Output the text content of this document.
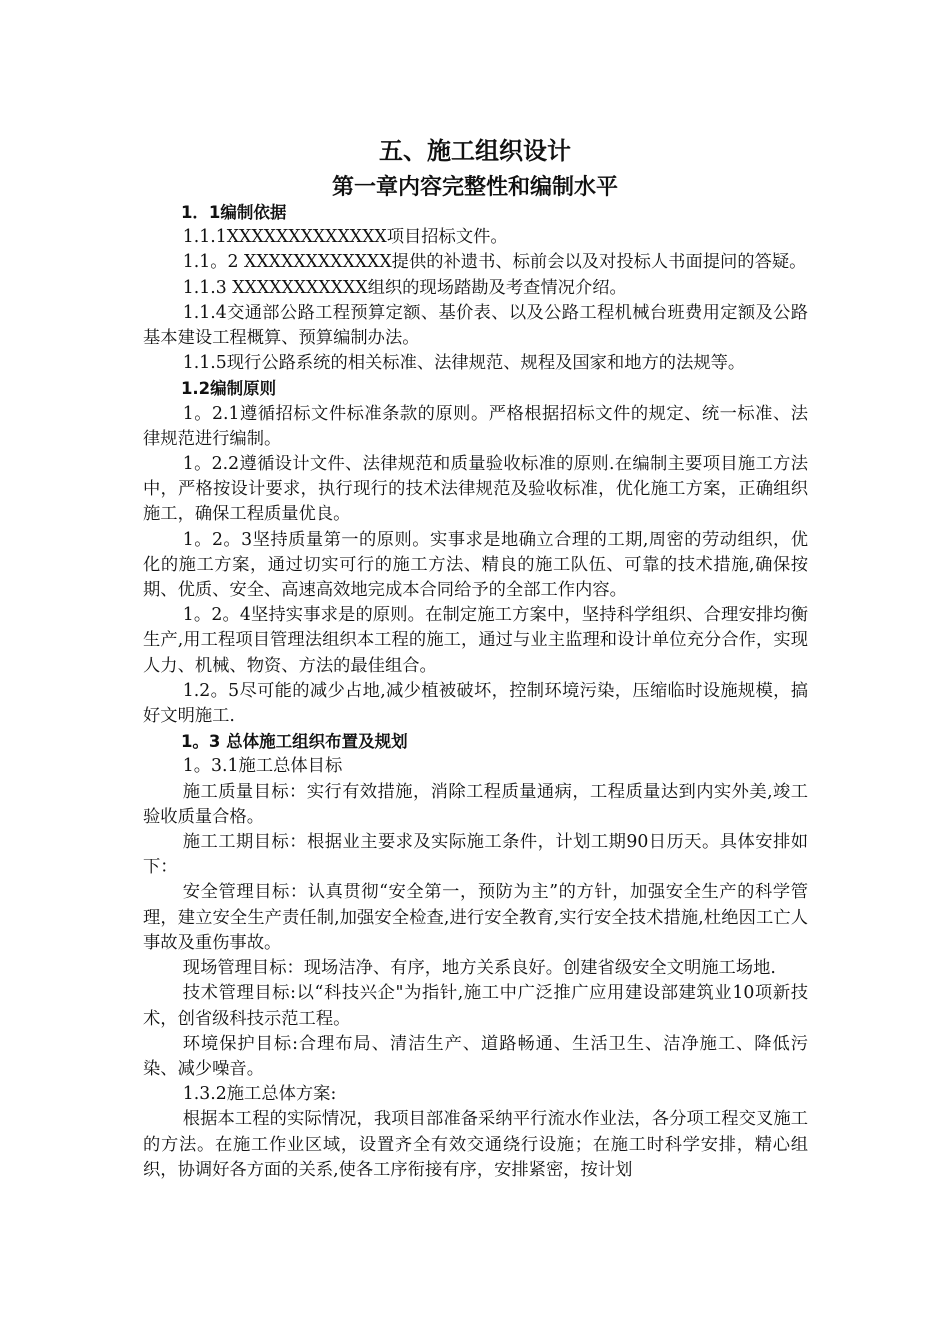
五、施工组织设计
第一章内容完整性和编制水平

1．1编制依据

1.1.1XXXXXXXXXXXXX项目招标文件。

1.1。2 XXXXXXXXXXXX提供的补遗书、标前会以及对投标人书面提问的答疑。

1.1.3 XXXXXXXXXXX组织的现场踏勘及考查情况介绍。

1.1.4交通部公路工程预算定额、基价表、以及公路工程机械台班费用定额及公路基本建设工程概算、预算编制办法。

1.1.5现行公路系统的相关标准、法律规范、规程及国家和地方的法规等。

1.2编制原则

1。2.1遵循招标文件标准条款的原则。严格根据招标文件的规定、统一标准、法律规范进行编制。

1。2.2遵循设计文件、法律规范和质量验收标准的原则.在编制主要项目施工方法中，严格按设计要求，执行现行的技术法律规范及验收标准，优化施工方案，正确组织施工，确保工程质量优良。

1。2。3坚持质量第一的原则。实事求是地确立合理的工期,周密的劳动组织，优化的施工方案，通过切实可行的施工方法、精良的施工队伍、可靠的技术措施,确保按期、优质、安全、高速高效地完成本合同给予的全部工作内容。

1。2。4坚持实事求是的原则。在制定施工方案中，坚持科学组织、合理安排均衡生产,用工程项目管理法组织本工程的施工，通过与业主监理和设计单位充分合作，实现人力、机械、物资、方法的最佳组合。

1.2。5尽可能的减少占地,减少植被破坏，控制环境污染，压缩临时设施规模，搞好文明施工.

1。3 总体施工组织布置及规划

1。3.1施工总体目标

施工质量目标：实行有效措施，消除工程质量通病，工程质量达到内实外美,竣工验收质量合格。

施工工期目标：根据业主要求及实际施工条件，计划工期90日历天。具体安排如下：

安全管理目标：认真贯彻“安全第一，预防为主”的方针，加强安全生产的科学管理，建立安全生产责任制,加强安全检查,进行安全教育,实行安全技术措施,杜绝因工亡人事故及重伤事故。

现场管理目标：现场洁净、有序，地方关系良好。创建省级安全文明施工场地.

技术管理目标:以“科技兴企"为指针,施工中广泛推广应用建设部建筑业10项新技术，创省级科技示范工程。

环境保护目标:合理布局、清洁生产、道路畅通、生活卫生、洁净施工、降低污染、减少噪音。

1.3.2施工总体方案:

根据本工程的实际情况，我项目部准备采纳平行流水作业法，各分项工程交叉施工的方法。在施工作业区域，设置齐全有效交通绕行设施；在施工时科学安排，精心组织，协调好各方面的关系,使各工序衔接有序，安排紧密，按计划
